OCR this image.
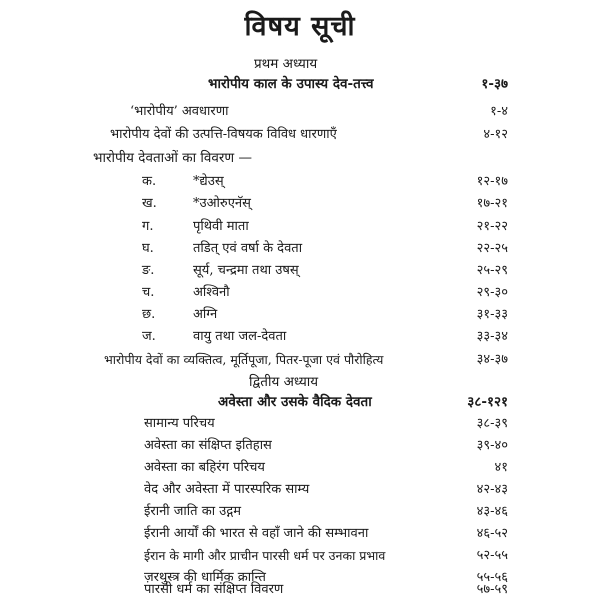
विषय सूची
प्रथम अध्याय
भारोपीय काल के उपास्य देव-तत्त्व	१-३७
‘भारोपीय’ अवधारणा	१-४
भारोपीय देवों की उत्पत्ति-विषयक विविध धारणाएँ	४-१२
भारोपीय देवताओं का विवरण —
क.	*द्येउस्	१२-१७
ख.	*उओरुएनॅस्	१७-२१
ग.	पृथिवी माता	२१-२२
घ.	तडित् एवं वर्षा के देवता	२२-२५
ङ.	सूर्य, चन्द्रमा तथा उषस्	२५-२९
च.	अश्विनौ	२९-३०
छ.	अग्नि	३१-३३
ज.	वायु तथा जल-देवता	३३-३४
भारोपीय देवों का व्यक्तित्व, मूर्तिपूजा, पितर-पूजा एवं पौरोहित्य	३४-३७
द्वितीय अध्याय
अवेस्ता और उसके वैदिक देवता	३८-१२१
सामान्य परिचय	३८-३९
अवेस्ता का संक्षिप्त इतिहास	३९-४०
अवेस्ता का बहिरंग परिचय	४१
वेद और अवेस्ता में पारस्परिक साम्य	४२-४३
ईरानी जाति का उद्गम	४३-४६
ईरानी आर्यों की भारत से वहाँ जाने की सम्भावना	४६-५२
ईरान के मागी और प्राचीन पारसी धर्म पर उनका प्रभाव	५२-५५
ज़रथुस्त्र की धार्मिक क्रान्ति	५५-५६
पारसी धर्म का संक्षिप्त विवरण	५७-५९
